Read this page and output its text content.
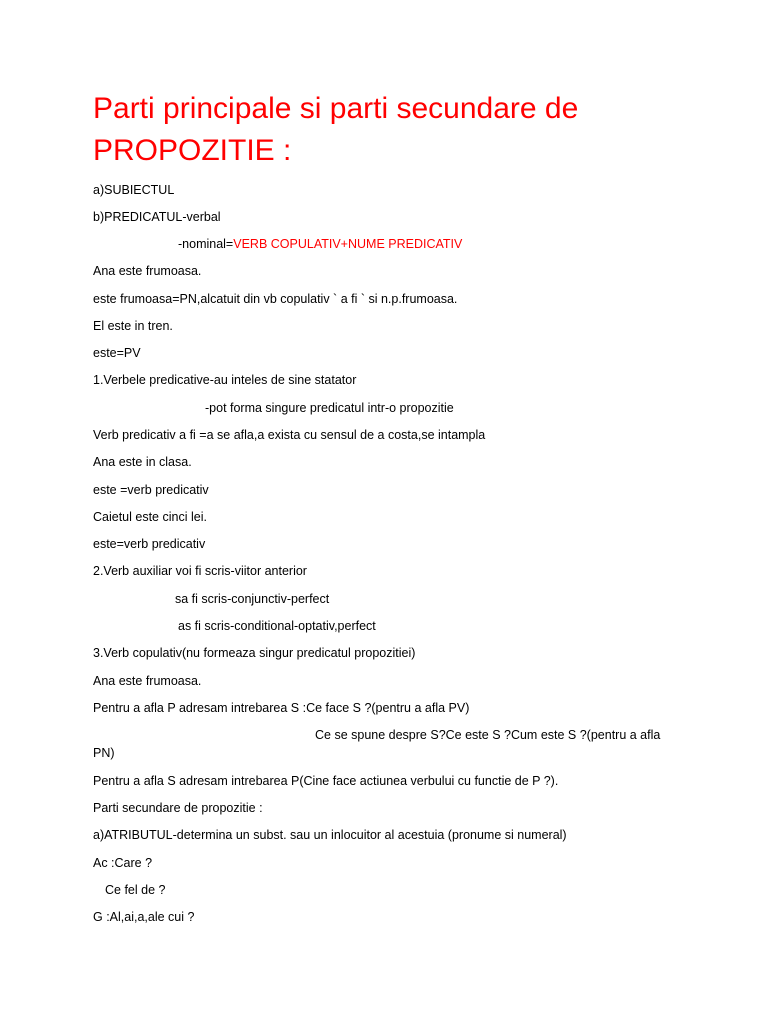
Parti principale si parti secundare de
PROPOZITIE :
a)SUBIECTUL
b)PREDICATUL-verbal
-nominal=VERB COPULATIV+NUME PREDICATIV
Ana este frumoasa.
este frumoasa=PN,alcatuit din vb copulativ ` a fi ` si n.p.frumoasa.
El este in tren.
este=PV
1.Verbele predicative-au inteles de sine statator
-pot forma singure predicatul intr-o propozitie
Verb predicativ a fi =a se afla,a exista cu sensul de a costa,se intampla
Ana este in clasa.
este =verb predicativ
Caietul este cinci lei.
este=verb predicativ
2.Verb auxiliar voi fi scris-viitor anterior
sa fi scris-conjunctiv-perfect
as fi scris-conditional-optativ,perfect
3.Verb copulativ(nu formeaza singur predicatul propozitiei)
Ana este frumoasa.
Pentru a afla P adresam intrebarea S :Ce face S ?(pentru a afla PV)
Ce se spune despre S?Ce este S ?Cum este S ?(pentru a afla
PN)
Pentru a afla S adresam intrebarea P(Cine face actiunea verbului cu functie de P ?).
Parti secundare de propozitie :
a)ATRIBUTUL-determina un subst. sau un inlocuitor al acestuia (pronume si numeral)
Ac :Care ?
Ce fel de ?
G :Al,ai,a,ale cui ?
